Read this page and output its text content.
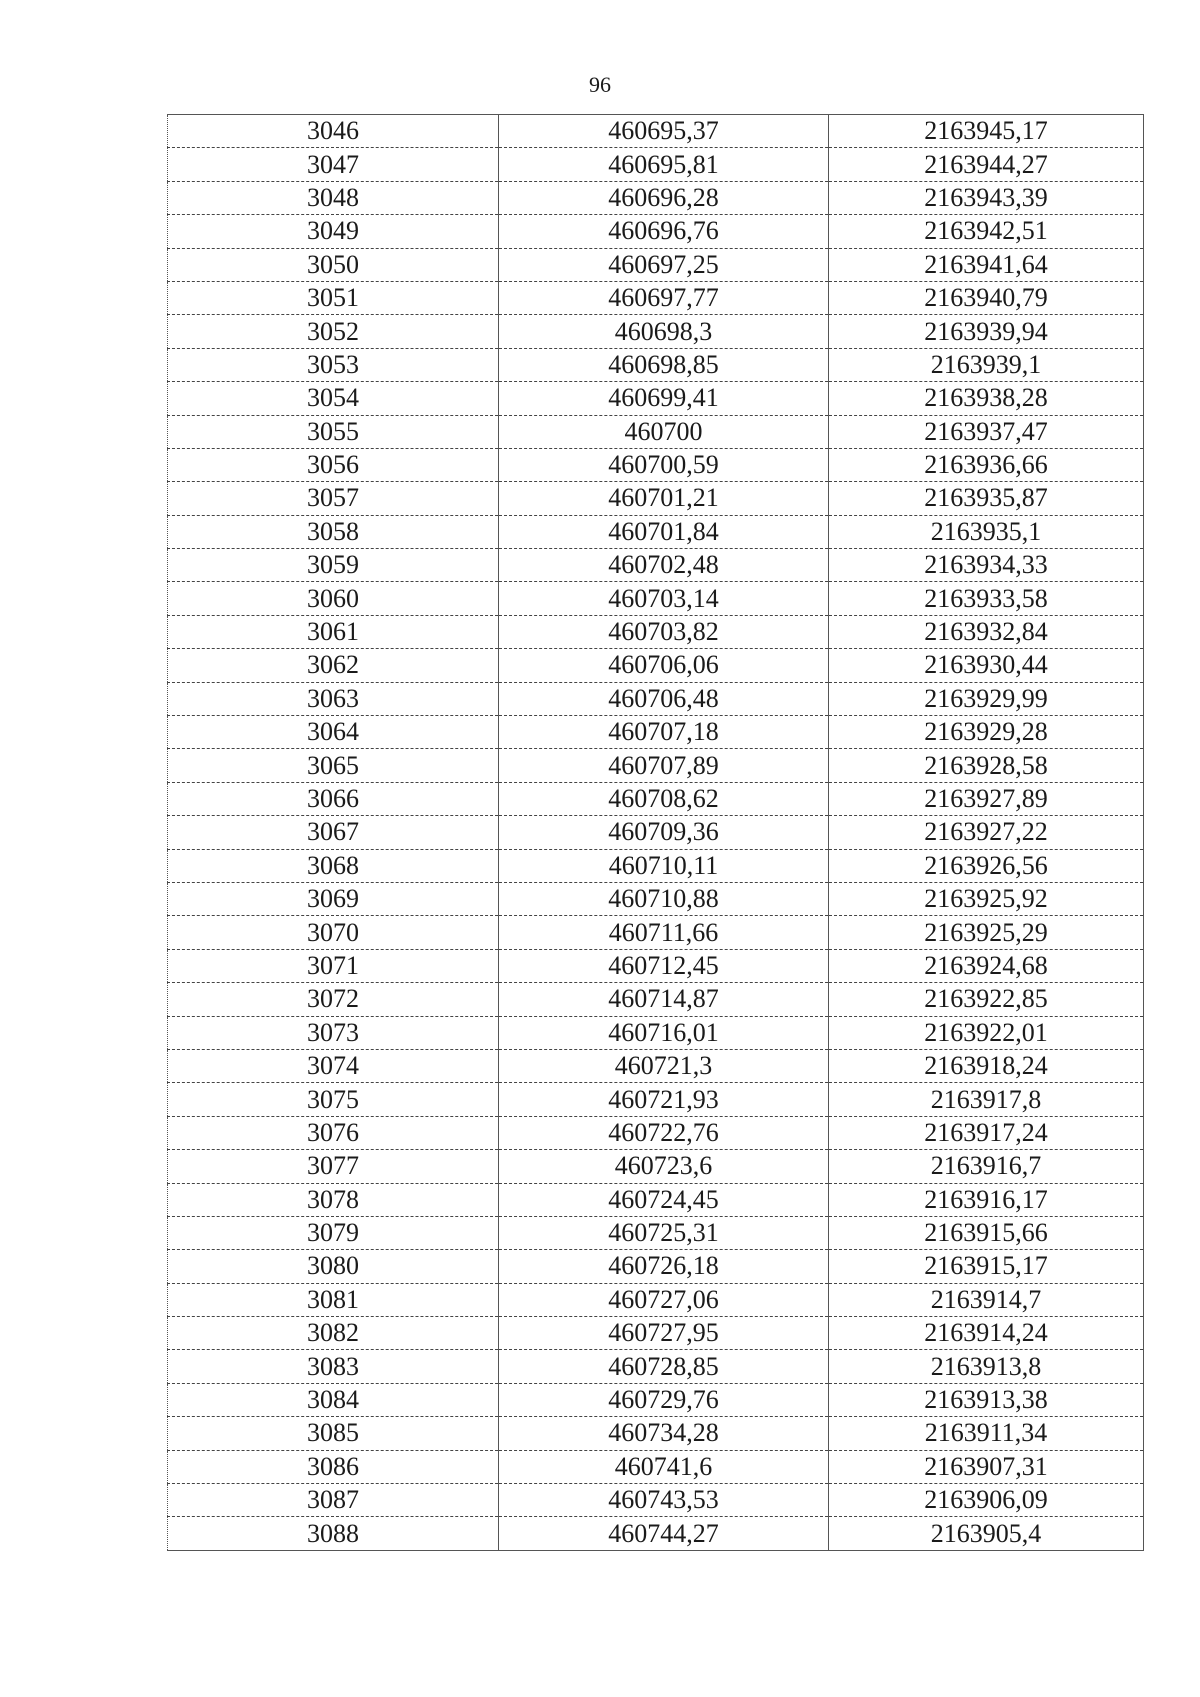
96
3046	460695,37	2163945,17
3047	460695,81	2163944,27
3048	460696,28	2163943,39
3049	460696,76	2163942,51
3050	460697,25	2163941,64
3051	460697,77	2163940,79
3052	460698,3	2163939,94
3053	460698,85	2163939,1
3054	460699,41	2163938,28
3055	460700	2163937,47
3056	460700,59	2163936,66
3057	460701,21	2163935,87
3058	460701,84	2163935,1
3059	460702,48	2163934,33
3060	460703,14	2163933,58
3061	460703,82	2163932,84
3062	460706,06	2163930,44
3063	460706,48	2163929,99
3064	460707,18	2163929,28
3065	460707,89	2163928,58
3066	460708,62	2163927,89
3067	460709,36	2163927,22
3068	460710,11	2163926,56
3069	460710,88	2163925,92
3070	460711,66	2163925,29
3071	460712,45	2163924,68
3072	460714,87	2163922,85
3073	460716,01	2163922,01
3074	460721,3	2163918,24
3075	460721,93	2163917,8
3076	460722,76	2163917,24
3077	460723,6	2163916,7
3078	460724,45	2163916,17
3079	460725,31	2163915,66
3080	460726,18	2163915,17
3081	460727,06	2163914,7
3082	460727,95	2163914,24
3083	460728,85	2163913,8
3084	460729,76	2163913,38
3085	460734,28	2163911,34
3086	460741,6	2163907,31
3087	460743,53	2163906,09
3088	460744,27	2163905,4
